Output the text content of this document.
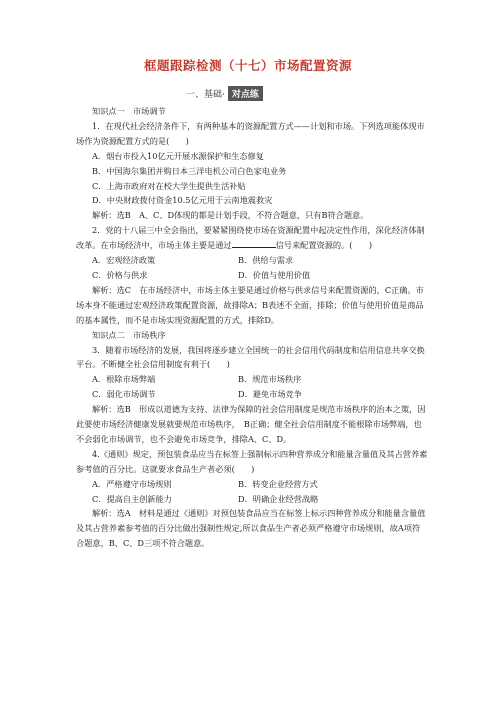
框题跟踪检测（十七）市场配置资源
一、基础· 对点练

知识点一　市场调节

1．在现代社会经济条件下，有两种基本的资源配置方式——计划和市场。下列选项能体现市场作为资源配置方式的是(　　)

A．烟台市投入10亿元开展水源保护和生态修复

B．中国海尔集团并购日本三洋电机公司白色家电业务

C．上海市政府对在校大学生提供生活补贴

D．中央财政拨付资金10.5亿元用于云南地震救灾

解析：选B　A、C、D体现的都是计划手段，不符合题意，只有B符合题意。

2．党的十八届三中全会指出，要紧紧围绕使市场在资源配置中起决定性作用，深化经济体制改革。在市场经济中，市场主体主要是通过	信号来配置资源的。(　　)

A．宏观经济政策	B．供给与需求
C．价格与供求	D．价值与使用价值

解析：选C　在市场经济中，市场主体主要是通过价格与供求信号来配置资源的，C正确。市场本身不能通过宏观经济政策配置资源，故排除A；B表述不全面，排除；价值与使用价值是商品的基本属性，而不是市场实现资源配置的方式，排除D。

知识点二　市场秩序

3．随着市场经济的发展，我国将逐步建立全国统一的社会信用代码制度和信用信息共享交换平台。不断健全社会信用制度有利于(　　)

A．根除市场弊端	B．规范市场秩序
C．弱化市场调节	D．避免市场竞争

解析：选B　形成以道德为支持、法律为保障的社会信用制度是规范市场秩序的治本之策，因此要使市场经济健康发展就要规范市场秩序，　B正确；健全社会信用制度不能根除市场弊端，也不会弱化市场调节，也不会避免市场竞争，排除A、C、D。

4.《通则》规定，预包装食品应当在标签上强制标示四种营养成分和能量含量值及其占营养素参考值的百分比。这就要求食品生产者必须(　　)

A．严格遵守市场规则	B．转变企业经营方式
C．提高自主创新能力	D．明确企业经营战略

解析：选A　材料是通过《通则》对预包装食品应当在标签上标示四种营养成分和能量含量值及其占营养素参考值的百分比做出强制性规定,所以食品生产者必须严格遵守市场规则，故A项符合题意，B、C、D三项不符合题意。
